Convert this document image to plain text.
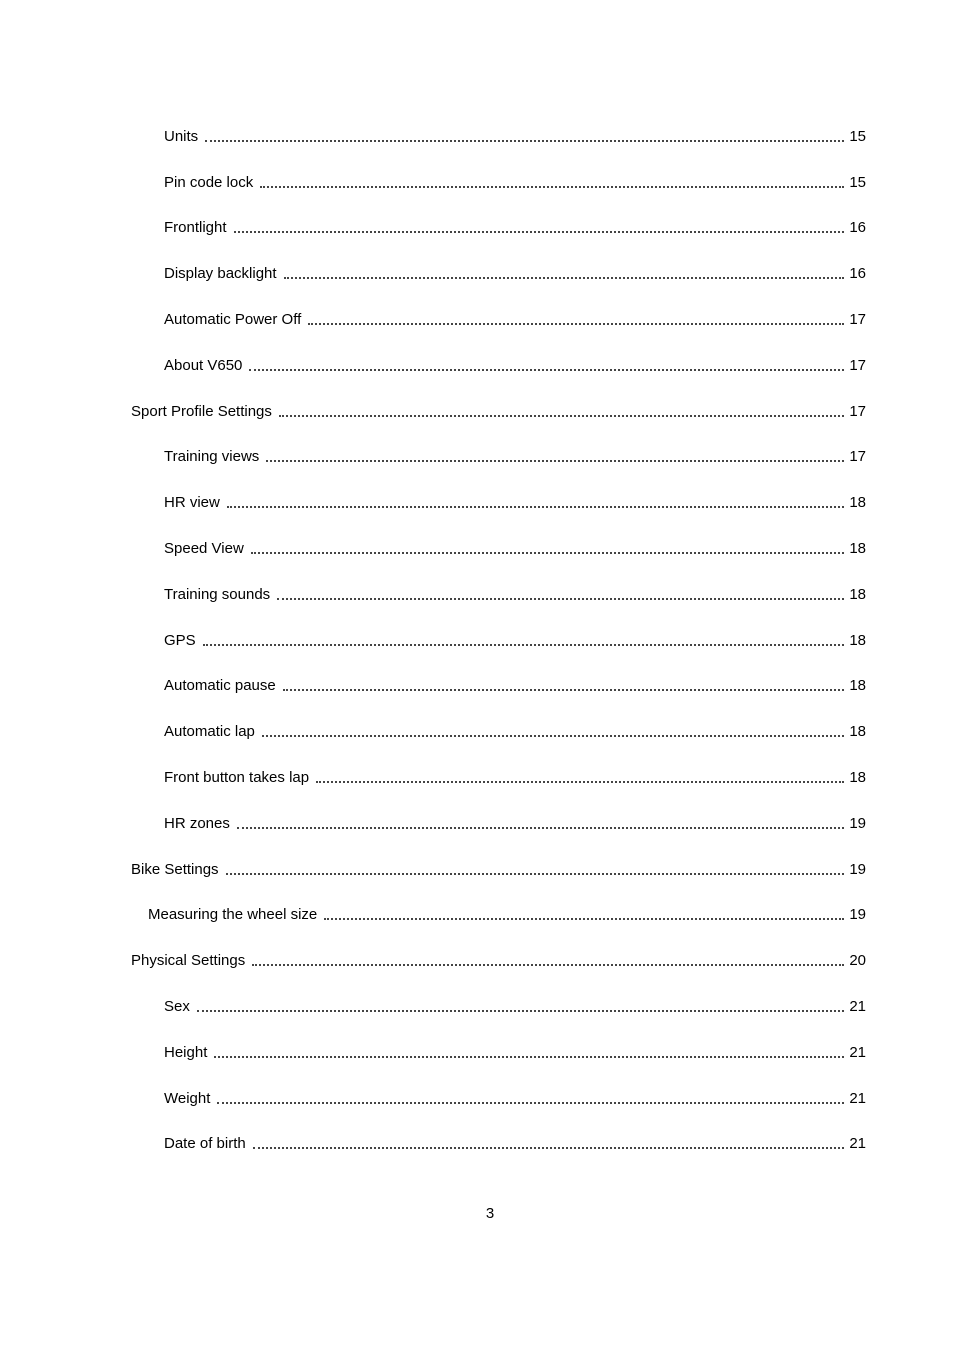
Units	15
Pin code lock	15
Frontlight	16
Display backlight	16
Automatic Power Off	17
About V650	17
Sport Profile Settings	17
Training views	17
HR view	18
Speed View	18
Training sounds	18
GPS	18
Automatic pause	18
Automatic lap	18
Front button takes lap	18
HR zones	19
Bike Settings	19
Measuring the wheel size	19
Physical Settings	20
Sex	21
Height	21
Weight	21
Date of birth	21
3
